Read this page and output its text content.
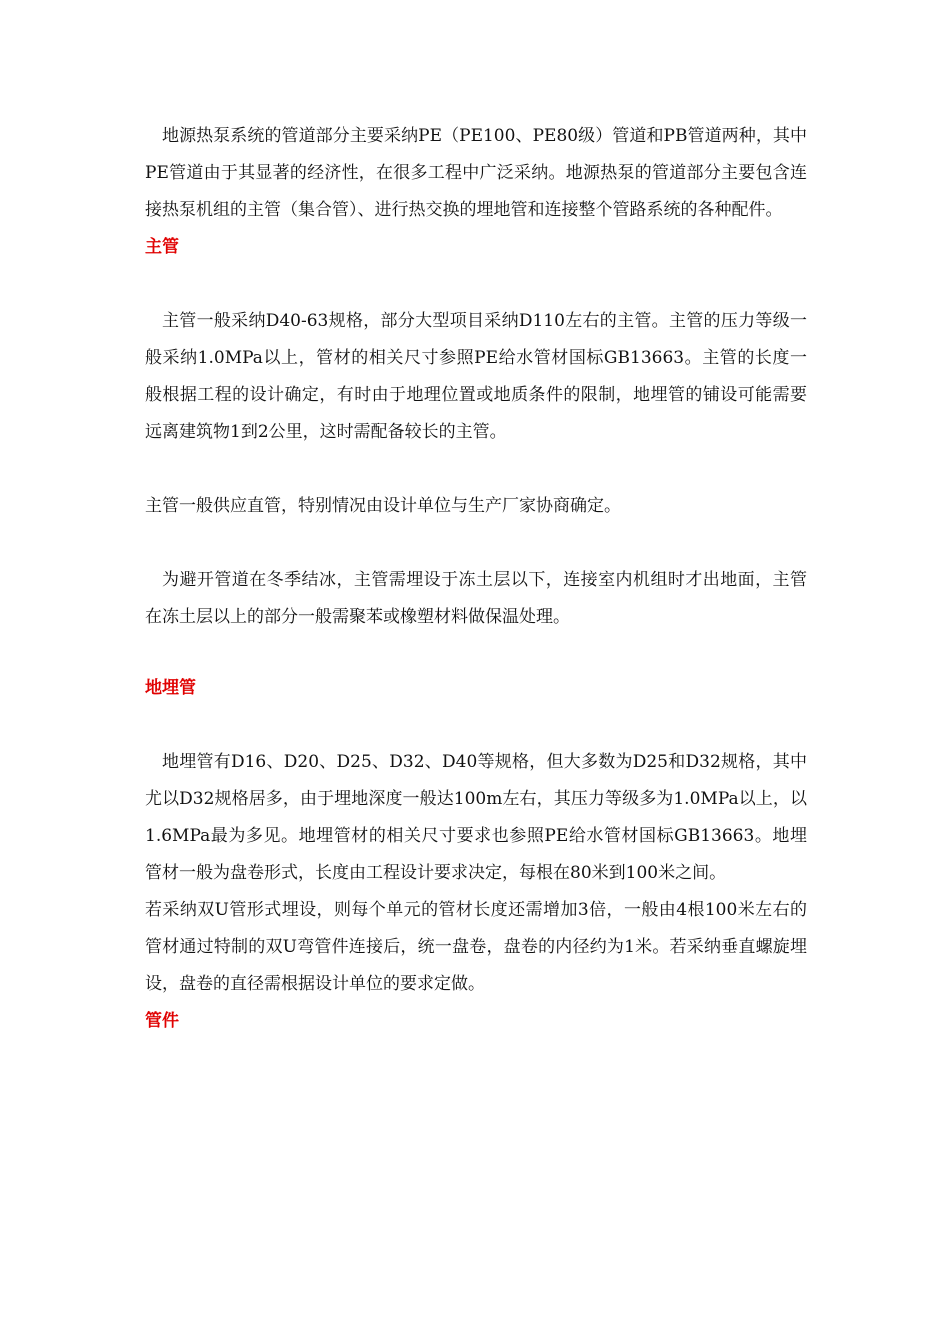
地源热泵系统的管道部分主要采纳PE（PE100、PE80级）管道和PB管道两种，其中PE管道由于其显著的经济性，在很多工程中广泛采纳。地源热泵的管道部分主要包含连接热泵机组的主管（集合管）、进行热交换的埋地管和连接整个管路系统的各种配件。

主管

主管一般采纳D40-63规格，部分大型项目采纳D110左右的主管。主管的压力等级一般采纳1.0MPa以上，管材的相关尺寸参照PE给水管材国标GB13663。主管的长度一般根据工程的设计确定，有时由于地理位置或地质条件的限制，地埋管的铺设可能需要远离建筑物1到2公里，这时需配备较长的主管。

主管一般供应直管，特别情况由设计单位与生产厂家协商确定。

为避开管道在冬季结冰，主管需埋设于冻土层以下，连接室内机组时才出地面，主管在冻土层以上的部分一般需聚苯或橡塑材料做保温处理。

地埋管

地埋管有D16、D20、D25、D32、D40等规格，但大多数为D25和D32规格，其中尤以D32规格居多，由于埋地深度一般达100m左右，其压力等级多为1.0MPa以上，以1.6MPa最为多见。地埋管材的相关尺寸要求也参照PE给水管材国标GB13663。地埋管材一般为盘卷形式，长度由工程设计要求决定，每根在80米到100米之间。

若采纳双U管形式埋设，则每个单元的管材长度还需增加3倍，一般由4根100米左右的管材通过特制的双U弯管件连接后，统一盘卷，盘卷的内径约为1米。若采纳垂直螺旋埋设，盘卷的直径需根据设计单位的要求定做。

管件
